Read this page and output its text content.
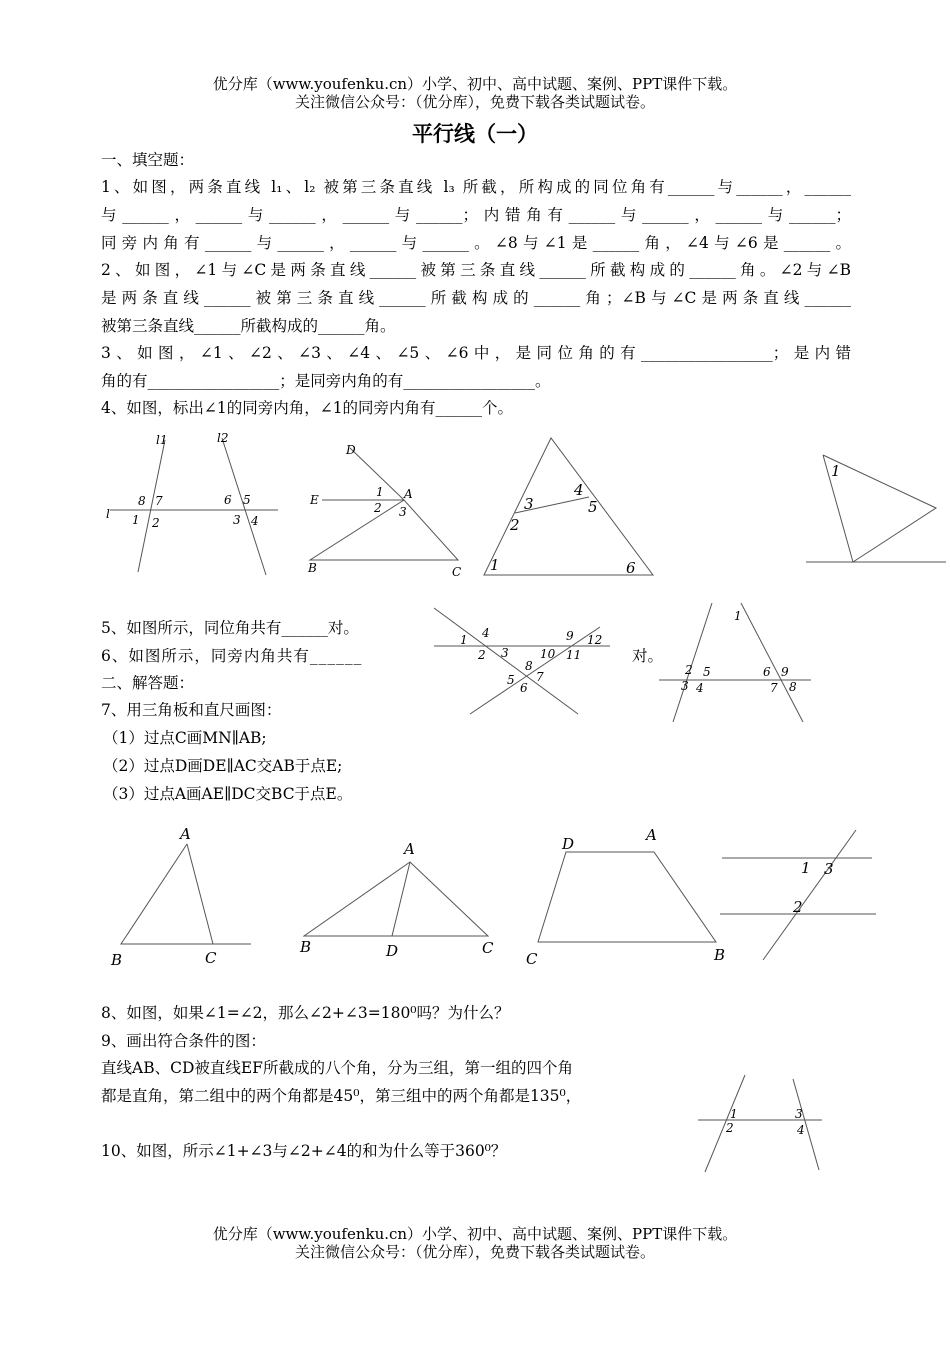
优分库（www.youfenku.cn）小学、初中、高中试题、案例、PPT课件下载。
关注微信公众号：（优分库），免费下载各类试题试卷。
平行线（一）
一、填空题：
1、如图，两条直线 l₁、l₂ 被第三条直线 l₃ 所截，所构成的同位角有______与______，______
与______，______与______，______与______；内错角有______与______，______与______；
同旁内角有______与______，______与______。∠8与∠1是______角，∠4与∠6是______。
2、如图，∠1与∠C是两条直线______被第三条直线______所截构成的______角。∠2与∠B
是两条直线______被第三条直线______所截构成的______角；∠B与∠C是两条直线______
被第三条直线______所截构成的______角。
3、如图，∠1、∠2、∠3、∠4、∠5、∠6中，是同位角的有_________________；是内错
角的有_________________；是同旁内角的有_________________。
4、如图，标出∠1的同旁内角，∠1的同旁内角有______个。
l1	l2
l
8 7	6 5
1 2	3 4
D
E
1 A
2 3
B	C
4
3	5
2
1	6
1
5、如图所示，同位角共有______对。
6、如图所示，同旁内角共有______	对。
二、解答题：
1 4	9 12
2 3	10 11
8
5 7
6
1
2 5	6 9
3 4	7 8
7、用三角板和直尺画图：
（1）过点C画MN∥AB;
（2）过点D画DE∥AC交AB于点E;
（3）过点A画AE∥DC交BC于点E。
A
B	C
A
B	D	C
D	A
C	B
1 3
2
8、如图，如果∠1=∠2，那么∠2+∠3=180⁰吗？为什么？
9、画出符合条件的图：
直线AB、CD被直线EF所截成的八个角，分为三组，第一组的四个角
都是直角，第二组中的两个角都是45⁰，第三组中的两个角都是135⁰，
1	3
2	4
10、如图，所示∠1+∠3与∠2+∠4的和为什么等于360⁰？
优分库（www.youfenku.cn）小学、初中、高中试题、案例、PPT课件下载。
关注微信公众号：（优分库），免费下载各类试题试卷。
